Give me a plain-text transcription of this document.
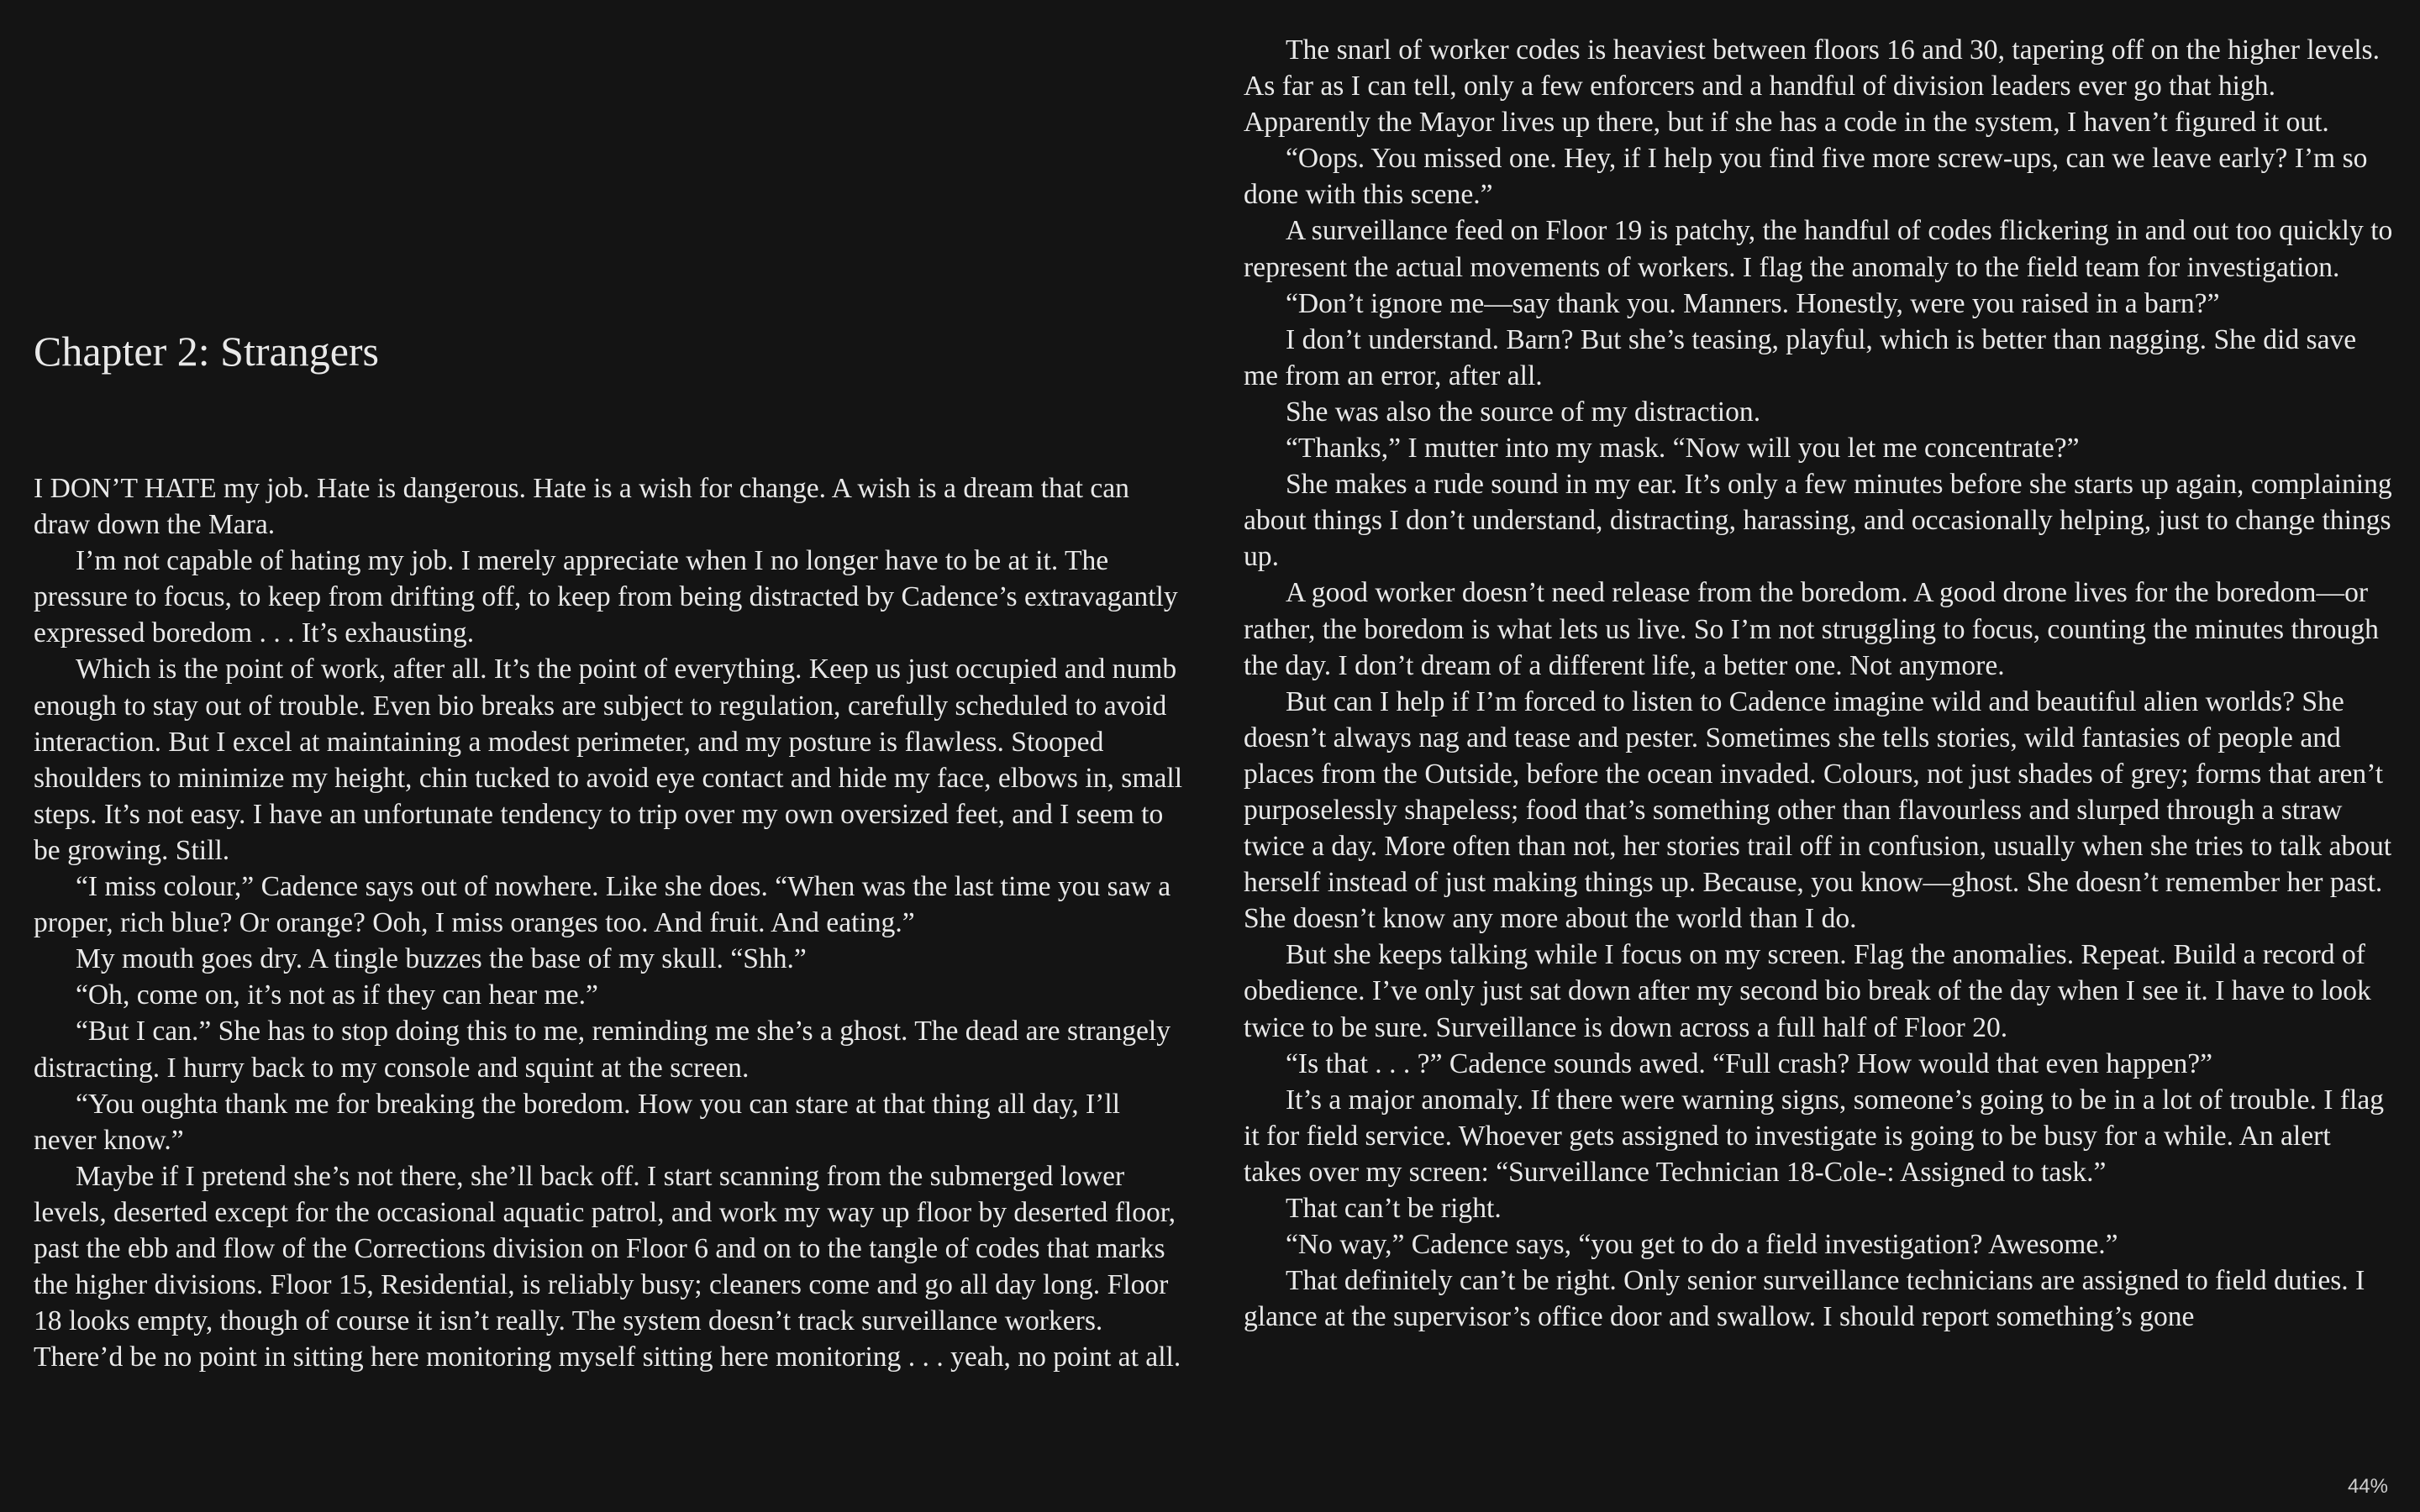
Chapter 2: Strangers

I DON’T HATE my job. Hate is dangerous. Hate is a wish for change. A wish is a dream that can draw down the Mara.

I’m not capable of hating my job. I merely appreciate when I no longer have to be at it. The pressure to focus, to keep from drifting off, to keep from being distracted by Cadence’s extravagantly expressed boredom . . . It’s exhausting.

Which is the point of work, after all. It’s the point of everything. Keep us just occupied and numb enough to stay out of trouble. Even bio breaks are subject to regulation, carefully scheduled to avoid interaction. But I excel at maintaining a modest perimeter, and my posture is flawless. Stooped shoulders to minimize my height, chin tucked to avoid eye contact and hide my face, elbows in, small steps. It’s not easy. I have an unfortunate tendency to trip over my own oversized feet, and I seem to be growing. Still.

“I miss colour,” Cadence says out of nowhere. Like she does. “When was the last time you saw a proper, rich blue? Or orange? Ooh, I miss oranges too. And fruit. And eating.”

My mouth goes dry. A tingle buzzes the base of my skull. “Shh.”

“Oh, come on, it’s not as if they can hear me.”

“But I can.” She has to stop doing this to me, reminding me she’s a ghost. The dead are strangely distracting. I hurry back to my console and squint at the screen.

“You oughta thank me for breaking the boredom. How you can stare at that thing all day, I’ll never know.”

Maybe if I pretend she’s not there, she’ll back off. I start scanning from the submerged lower levels, deserted except for the occasional aquatic patrol, and work my way up floor by deserted floor, past the ebb and flow of the Corrections division on Floor 6 and on to the tangle of codes that marks the higher divisions. Floor 15, Residential, is reliably busy; cleaners come and go all day long. Floor 18 looks empty, though of course it isn’t really. The system doesn’t track surveillance workers. There’d be no point in sitting here monitoring myself sitting here monitoring . . . yeah, no point at all.

The snarl of worker codes is heaviest between floors 16 and 30, tapering off on the higher levels. As far as I can tell, only a few enforcers and a handful of division leaders ever go that high. Apparently the Mayor lives up there, but if she has a code in the system, I haven’t figured it out.

“Oops. You missed one. Hey, if I help you find five more screw-ups, can we leave early? I’m so done with this scene.”

A surveillance feed on Floor 19 is patchy, the handful of codes flickering in and out too quickly to represent the actual movements of workers. I flag the anomaly to the field team for investigation.

“Don’t ignore me—say thank you. Manners. Honestly, were you raised in a barn?”

I don’t understand. Barn? But she’s teasing, playful, which is better than nagging. She did save me from an error, after all.

She was also the source of my distraction.

“Thanks,” I mutter into my mask. “Now will you let me concentrate?”

She makes a rude sound in my ear. It’s only a few minutes before she starts up again, complaining about things I don’t understand, distracting, harassing, and occasionally helping, just to change things up.

A good worker doesn’t need release from the boredom. A good drone lives for the boredom—or rather, the boredom is what lets us live. So I’m not struggling to focus, counting the minutes through the day. I don’t dream of a different life, a better one. Not anymore.

But can I help if I’m forced to listen to Cadence imagine wild and beautiful alien worlds? She doesn’t always nag and tease and pester. Sometimes she tells stories, wild fantasies of people and places from the Outside, before the ocean invaded. Colours, not just shades of grey; forms that aren’t purposelessly shapeless; food that’s something other than flavourless and slurped through a straw twice a day. More often than not, her stories trail off in confusion, usually when she tries to talk about herself instead of just making things up. Because, you know—ghost. She doesn’t remember her past. She doesn’t know any more about the world than I do.

But she keeps talking while I focus on my screen. Flag the anomalies. Repeat. Build a record of obedience. I’ve only just sat down after my second bio break of the day when I see it. I have to look twice to be sure. Surveillance is down across a full half of Floor 20.

“Is that . . . ?” Cadence sounds awed. “Full crash? How would that even happen?”

It’s a major anomaly. If there were warning signs, someone’s going to be in a lot of trouble. I flag it for field service. Whoever gets assigned to investigate is going to be busy for a while. An alert takes over my screen: “Surveillance Technician 18-Cole-: Assigned to task.”

That can’t be right.

“No way,” Cadence says, “you get to do a field investigation? Awesome.”

That definitely can’t be right. Only senior surveillance technicians are assigned to field duties. I glance at the supervisor’s office door and swallow. I should report something’s gone

44%
